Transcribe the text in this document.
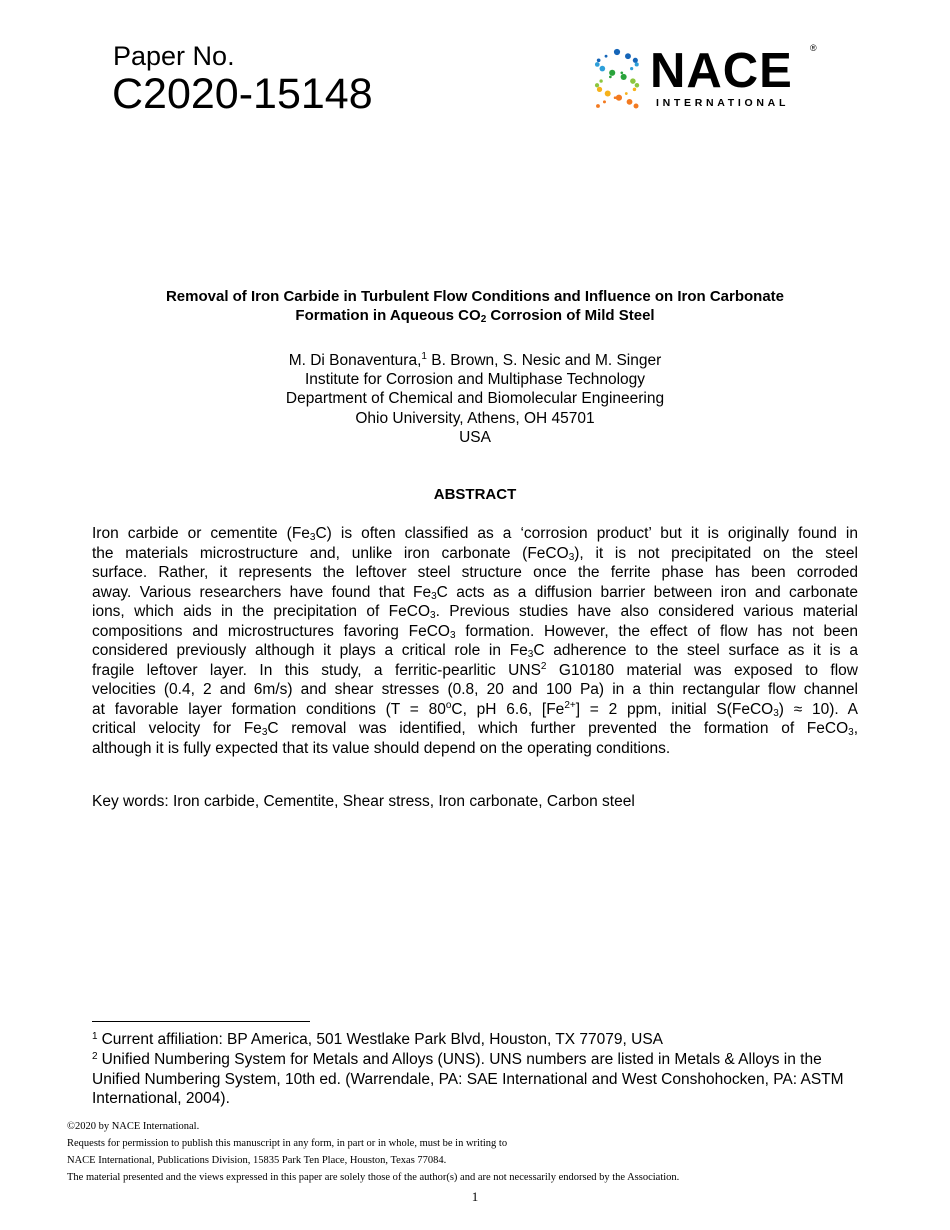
Paper No.
C2020-15148	NACE ®
INTERNATIONAL
Removal of Iron Carbide in Turbulent Flow Conditions and Influence on Iron Carbonate
Formation in Aqueous $CO_2$ Corrosion of Mild Steel
M. Di Bonaventura,$^1$ B. Brown, S. Nesic and M. Singer
Institute for Corrosion and Multiphase Technology
Department of Chemical and Biomolecular Engineering
Ohio University, Athens, OH 45701
USA
ABSTRACT
Iron carbide or cementite $(Fe_3C)$ is often classified as a ‘corrosion product’ but it is originally found in
the materials microstructure and, unlike iron carbonate (FeCO$_3$), it is not precipitated on the steel
surface. Rather, it represents the leftover steel structure once the ferrite phase has been corroded
away. Various researchers have found that $Fe_3C$ acts as a diffusion barrier between iron and carbonate
ions, which aids in the precipitation of FeCO$_3$. Previous studies have also considered various material
compositions and microstructures favoring FeCO$_3$ formation. However, the effect of flow has not been
considered previously although it plays a critical role in $Fe_3C$ adherence to the steel surface as it is a
fragile leftover layer. In this study, a ferritic-pearlitic UNS$^2$ G10180 material was exposed to flow
velocities (0.4, 2 and 6m/s) and shear stresses (0.8, 20 and 100 Pa) in a thin rectangular flow channel
at favorable layer formation conditions ($T = 80^oC$, pH 6.6, $[Fe^{2+}] = 2$ ppm, initial S(FeCO$_3$) ≈ 10). A
critical velocity for $Fe_3C$ removal was identified, which further prevented the formation of FeCO$_3$,
although it is fully expected that its value should depend on the operating conditions.
Key words: Iron carbide, Cementite, Shear stress, Iron carbonate, Carbon steel
$^1$ Current affiliation: BP America, 501 Westlake Park Blvd, Houston, TX 77079, USA
$^2$ Unified Numbering System for Metals and Alloys (UNS). UNS numbers are listed in Metals & Alloys in the Unified Numbering System, 10th ed. (Warrendale, PA: SAE International and West Conshohocken, PA: ASTM International, 2004).
©2020 by NACE International.
Requests for permission to publish this manuscript in any form, in part or in whole, must be in writing to
NACE International, Publications Division, 15835 Park Ten Place, Houston, Texas 77084.
The material presented and the views expressed in this paper are solely those of the author(s) and are not necessarily endorsed by the Association.
1
